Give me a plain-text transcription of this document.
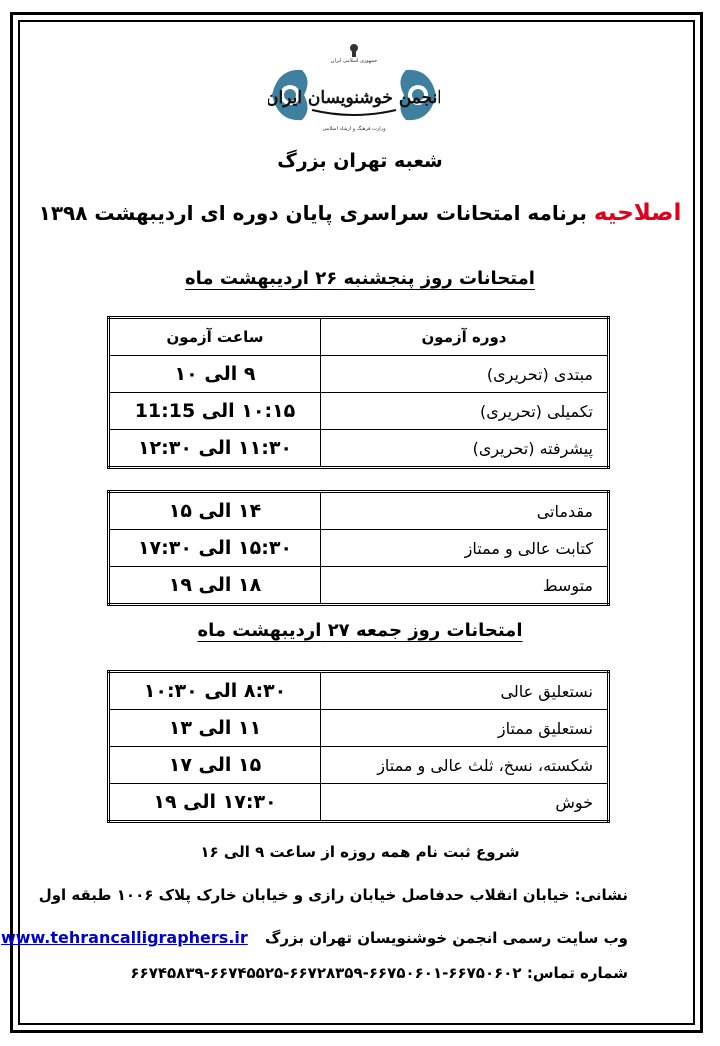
جمهوری اسلامی ایران
انجمن خوشنویسان ایران
وزارت فرهنگ و ارشاد اسلامی
شعبه تهران بزرگ
اصلاحیه برنامه امتحانات سراسری پایان دوره ای اردیبهشت ۱۳۹۸
امتحانات روز پنجشنبه ۲۶ اردیبهشت ماه
دوره آزمون	ساعت آزمون
مبتدی (تحریری)	۹ الی ۱۰
تکمیلی (تحریری)	۱۰:۱۵ الی 11:15
پیشرفته (تحریری)	۱۱:۳۰ الی ۱۲:۳۰
مقدماتی	۱۴ الی ۱۵
کتابت عالی و ممتاز	۱۵:۳۰ الی ۱۷:۳۰
متوسط	۱۸ الی ۱۹
امتحانات روز جمعه ۲۷ اردیبهشت ماه
نستعلیق عالی	۸:۳۰ الی ۱۰:۳۰
نستعلیق ممتاز	۱۱ الی ۱۳
شکسته، نسخ، ثلث عالی و ممتاز	۱۵ الی ۱۷
خوش	۱۷:۳۰ الی ۱۹
شروع ثبت نام همه روزه از ساعت ۹ الی ۱۶
نشانی: خیابان انقلاب حدفاصل خیابان رازی و خیابان خارک پلاک ۱۰۰۶ طبقه اول
وب سایت رسمی انجمن خوشنویسان تهران بزرگ www.tehrancalligraphers.ir
شماره تماس: ۶۶۷۵۰۶۰۲-۶۶۷۵۰۶۰۱-۶۶۷۲۸۳۵۹-۶۶۷۴۵۵۲۵-۶۶۷۴۵۸۳۹
